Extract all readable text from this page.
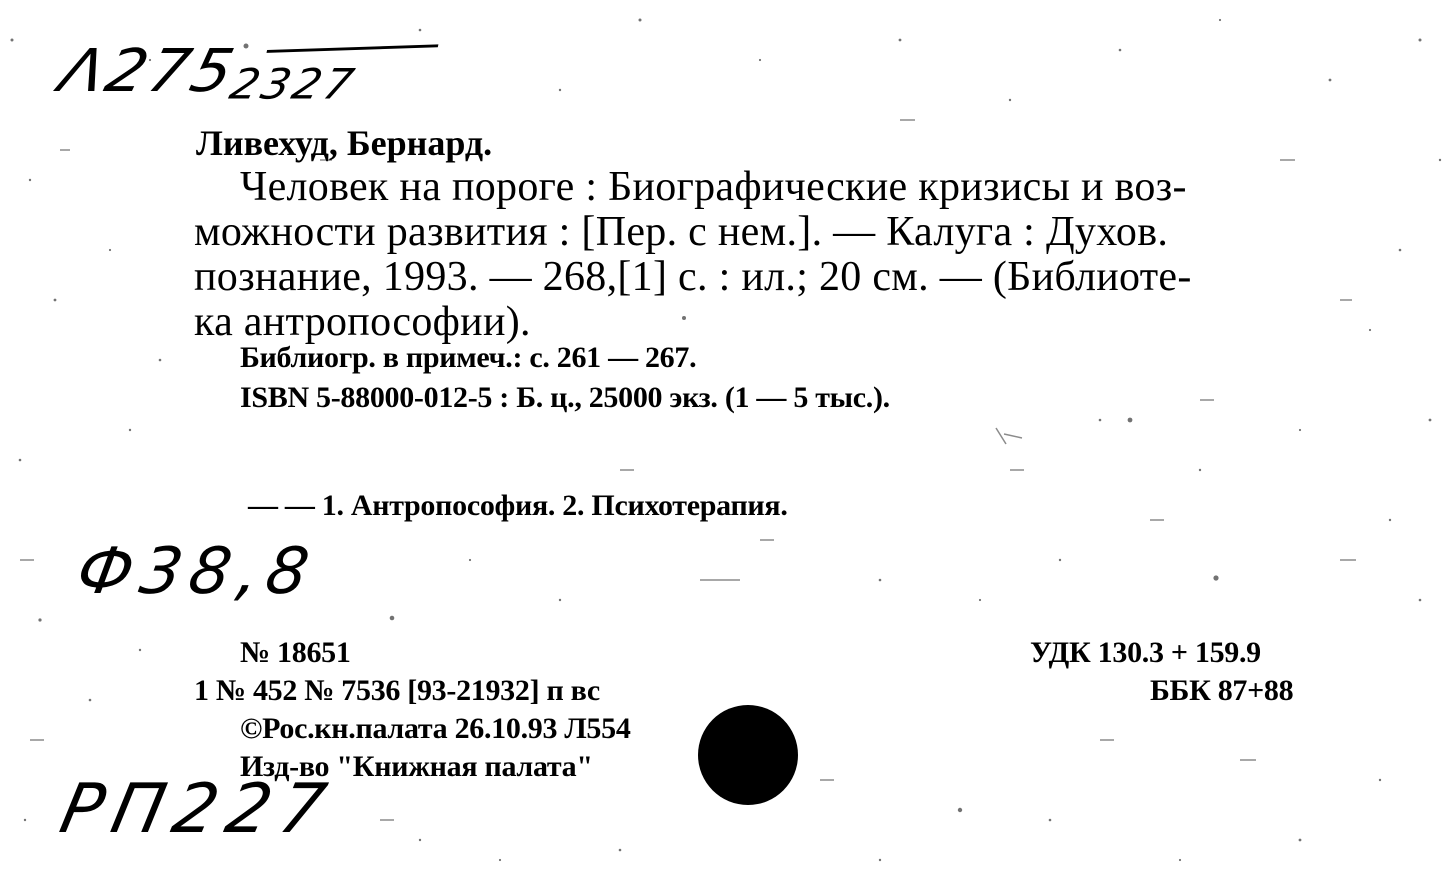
Λ2752327
Ливехуд, Бернард.
Человек на пороге : Биографические кризисы и воз-
можности развития : [Пер. с нем.]. — Калуга : Духов.
познание, 1993. — 268,[1] с. : ил.; 20 см. — (Библиоте-
ка антропософии).
Библиогр. в примеч.: с. 261 — 267.
ISBN 5-88000-012-5 : Б. ц., 25000 экз. (1 — 5 тыс.).
— — 1. Антропософия. 2. Психотерапия.
Ф38,8
№ 18651
1 № 452 № 7536 [93-21932] п вс
©Рос.кн.палата 26.10.93 Л554
Изд-во "Книжная палата"
УДК 130.3 + 159.9
ББК 87+88
РП227
